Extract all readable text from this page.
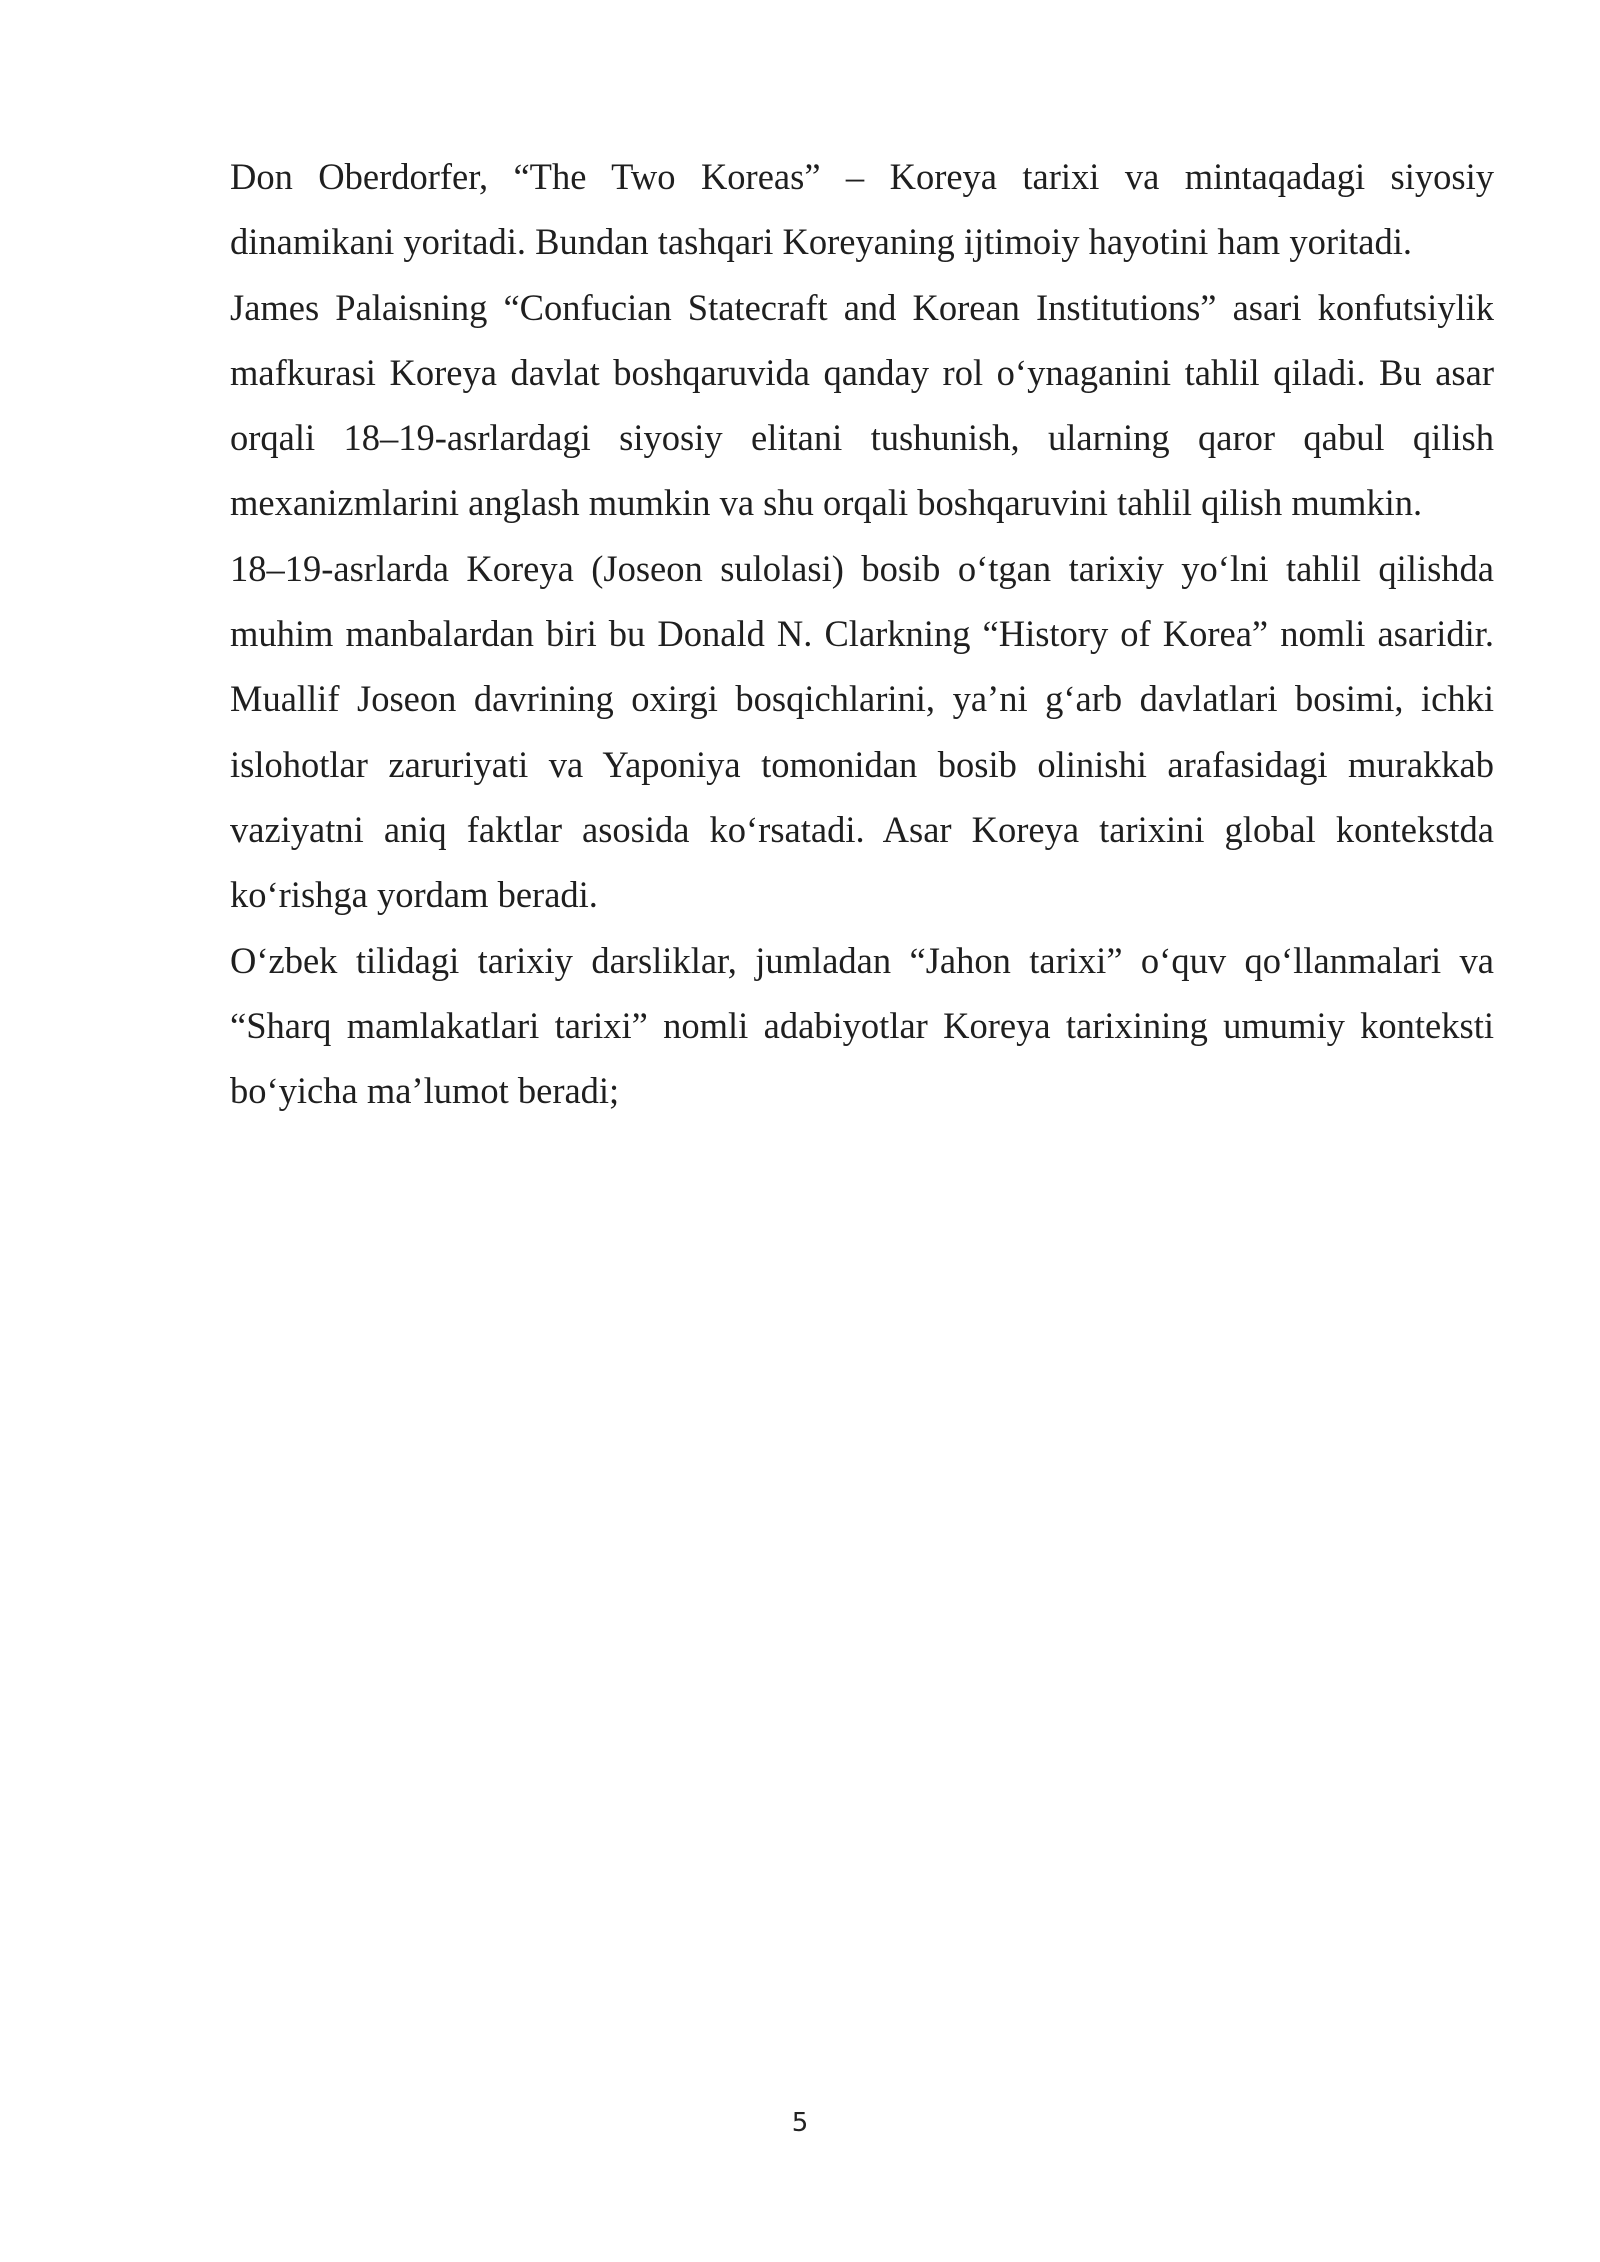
Don Oberdorfer, “The Two Koreas” – Koreya tarixi va mintaqadagi siyosiy dinamikani yoritadi. Bundan tashqari Koreyaning ijtimoiy hayotini ham yoritadi.

James Palaisning “Confucian Statecraft and Korean Institutions” asari konfutsiylik mafkurasi Koreya davlat boshqaruvida qanday rol oʻynaganini tahlil qiladi. Bu asar orqali 18–19-asrlardagi siyosiy elitani tushunish, ularning qaror qabul qilish mexanizmlarini anglash mumkin va shu orqali boshqaruvini tahlil qilish mumkin.

18–19-asrlarda Koreya (Joseon sulolasi) bosib oʻtgan tarixiy yoʻlni tahlil qilishda muhim manbalardan biri bu Donald N. Clarkning “History of Korea” nomli asaridir. Muallif Joseon davrining oxirgi bosqichlarini, ya’ni gʻarb davlatlari bosimi, ichki islohotlar zaruriyati va Yaponiya tomonidan bosib olinishi arafasidagi murakkab vaziyatni aniq faktlar asosida koʻrsatadi. Asar Koreya tarixini global kontekstda koʻrishga yordam beradi.

Oʻzbek tilidagi tarixiy darsliklar, jumladan “Jahon tarixi” oʻquv qoʻllanmalari va “Sharq mamlakatlari tarixi” nomli adabiyotlar Koreya tarixining umumiy konteksti boʻyicha ma’lumot beradi;

5
